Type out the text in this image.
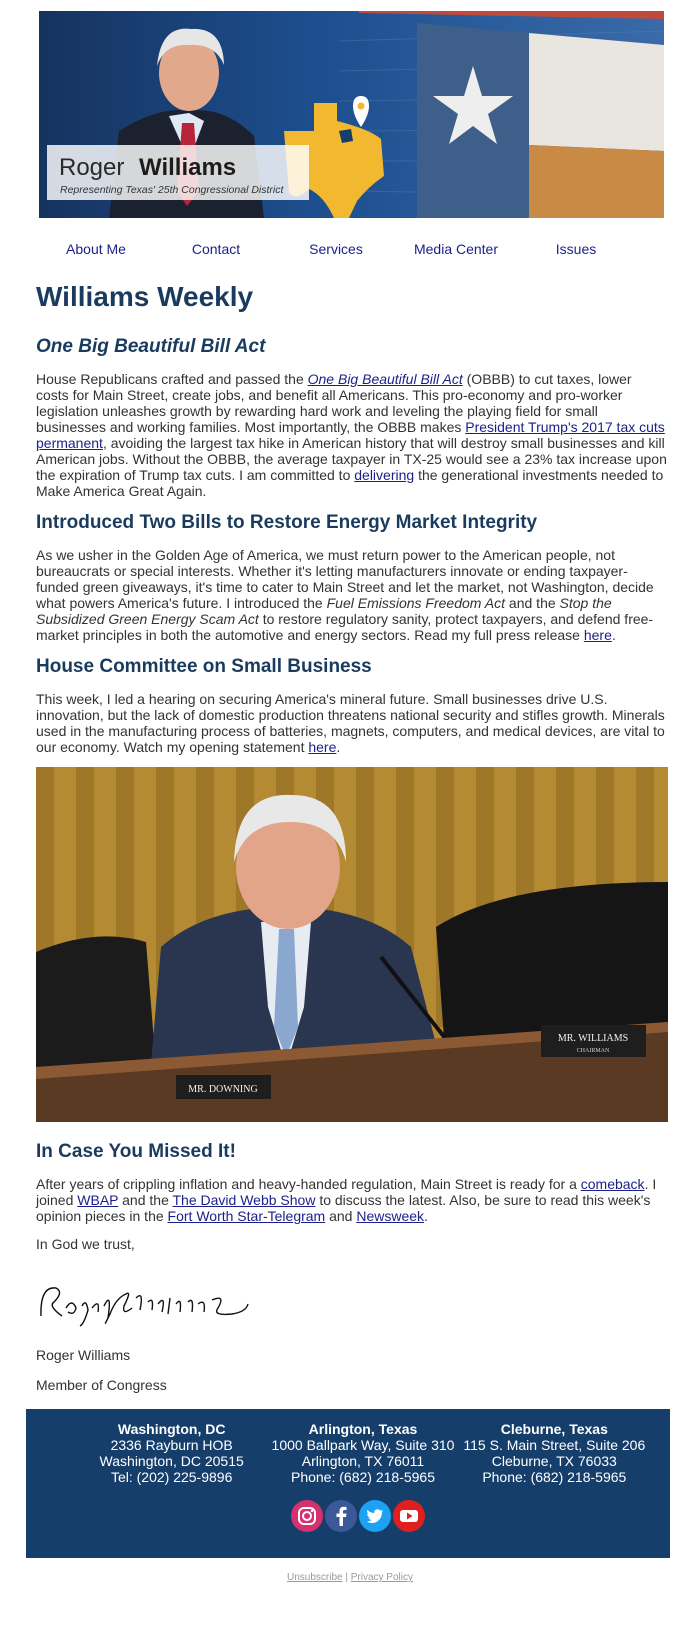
Roger Williams
Representing Texas' 25th Congressional District
About Me	Contact	Services	Media Center	Issues
Williams Weekly
One Big Beautiful Bill Act

House Republicans crafted and passed the One Big Beautiful Bill Act (OBBB) to cut taxes, lower costs for Main Street, create jobs, and benefit all Americans. This pro-economy and pro-worker legislation unleashes growth by rewarding hard work and leveling the playing field for small businesses and working families. Most importantly, the OBBB makes President Trump's 2017 tax cuts permanent, avoiding the largest tax hike in American history that will destroy small businesses and kill American jobs. Without the OBBB, the average taxpayer in TX-25 would see a 23% tax increase upon the expiration of Trump tax cuts. I am committed to delivering the generational investments needed to Make America Great Again.

Introduced Two Bills to Restore Energy Market Integrity

As we usher in the Golden Age of America, we must return power to the American people, not bureaucrats or special interests. Whether it's letting manufacturers innovate or ending taxpayer-funded green giveaways, it's time to cater to Main Street and let the market, not Washington, decide what powers America's future. I introduced the Fuel Emissions Freedom Act and the Stop the Subsidized Green Energy Scam Act to restore regulatory sanity, protect taxpayers, and defend free-market principles in both the automotive and energy sectors. Read my full press release here.

House Committee on Small Business

This week, I led a hearing on securing America's mineral future. Small businesses drive U.S. innovation, but the lack of domestic production threatens national security and stifles growth. Minerals used in the manufacturing process of batteries, magnets, computers, and medical devices, are vital to our economy. Watch my opening statement here.

MR. DOWNING
MR. WILLIAMS
CHAIRMAN
In Case You Missed It!

After years of crippling inflation and heavy-handed regulation, Main Street is ready for a comeback. I joined WBAP and the The David Webb Show to discuss the latest. Also, be sure to read this week's opinion pieces in the Fort Worth Star-Telegram and Newsweek.

In God we trust,

Roger Williams

Member of Congress

Washington, DC
2336 Rayburn HOB
Washington, DC 20515
Tel: (202) 225-9896
Arlington, Texas
1000 Ballpark Way, Suite 310
Arlington, TX 76011
Phone: (682) 218-5965
Cleburne, Texas
115 S. Main Street, Suite 206
Cleburne, TX 76033
Phone: (682) 218-5965
Unsubscribe | Privacy Policy
